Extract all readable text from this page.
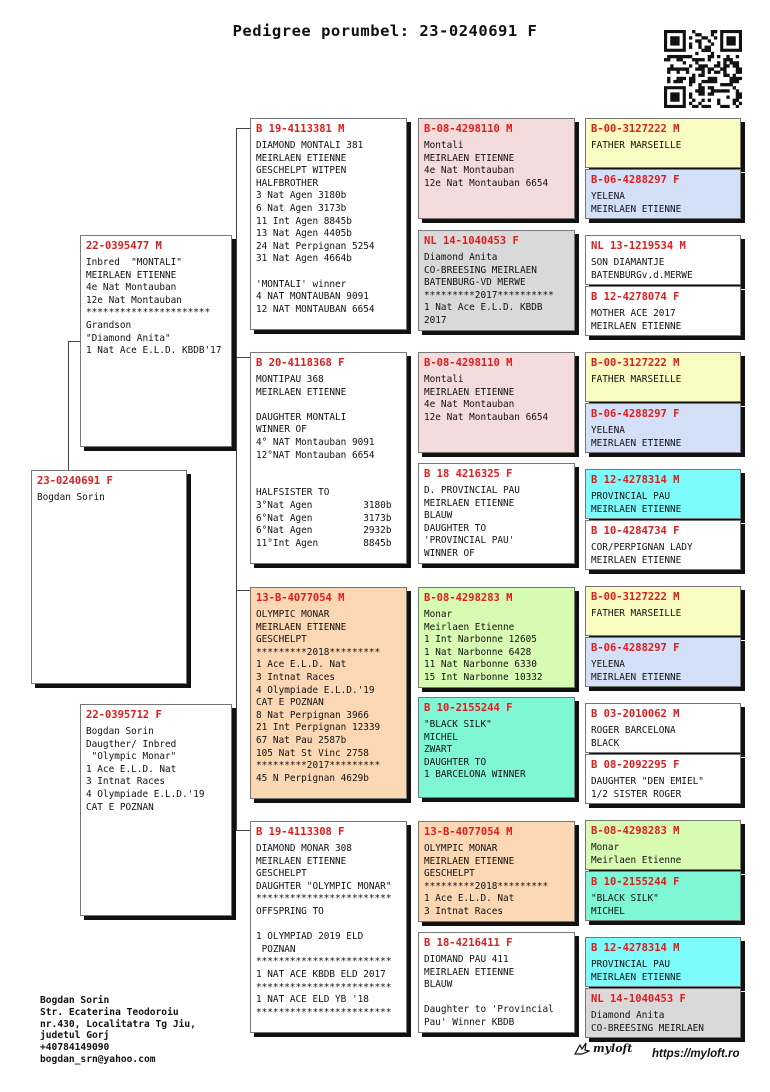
Pedigree porumbel: 23-0240691 F
23-0240691 F
Bogdan Sorin
22-0395477 M
Inbred  "MONTALI"
MEIRLAEN ETIENNE
4e Nat Montauban
12e Nat Montauban
**********************
Grandson
"Diamond Anita"
1 Nat Ace E.L.D. KBDB'17
22-0395712 F
Bogdan Sorin
Daugther/ Inbred
"Olympic Monar"
1 Ace E.L.D. Nat
3 Intnat Races
4 Olympiade E.L.D.'19
CAT E POZNAN
B 19-4113381 M
DIAMOND MONTALI 381
MEIRLAEN ETIENNE
GESCHELPT WITPEN
HALFBROTHER
3 Nat Agen 3180b
6 Nat Agen 3173b
11 Int Agen 8845b
13 Nat Agen 4405b
24 Nat Perpignan 5254
31 Nat Agen 4664b

'MONTALI' winner
4 NAT MONTAUBAN 9091
12 NAT MONTAUBAN 6654
B 20-4118368 F
MONTIPAU 368
MEIRLAEN ETIENNE

DAUGHTER MONTALI
WINNER OF
4° NAT Montauban 9091
12°NAT Montauban 6654

HALFSISTER TO
3°Nat Agen         3180b
6°Nat Agen         3173b
6°Nat Agen         2932b
11°Int Agen        8845b
13-B-4077054 M
OLYMPIC MONAR
MEIRLAEN ETIENNE
GESCHELPT
*********2018*********
1 Ace E.L.D. Nat
3 Intnat Races
4 Olympiade E.L.D.'19
CAT E POZNAN
8 Nat Perpignan 3966
21 Int Perpignan 12339
67 Nat Pau 2587b
105 Nat St Vinc 2758
*********2017*********
45 N Perpignan 4629b
B 19-4113308 F
DIAMOND MONAR 308
MEIRLAEN ETIENNE
GESCHELPT
DAUGHTER "OLYMPIC MONAR"
************************
OFFSPRING TO

1 OLYMPIAD 2019 ELD
POZNAN
************************
1 NAT ACE KBDB ELD 2017
************************
1 NAT ACE ELD YB '18
************************
B-08-4298110 M
Montali
MEIRLAEN ETIENNE
4e Nat Montauban
12e Nat Montauban 6654
NL 14-1040453 F
Diamond Anita
CO-BREESING MEIRLAEN
BATENBURG-VD MERWE
*********2017**********
1 Nat Ace E.L.D. KBDB
2017
B-08-4298110 M
Montali
MEIRLAEN ETIENNE
4e Nat Montauban
12e Nat Montauban 6654
B 18 4216325 F
D. PROVINCIAL PAU
MEIRLAEN ETIENNE
BLAUW
DAUGHTER TO
'PROVINCIAL PAU'
WINNER OF
B-08-4298283 M
Monar
Meirlaen Etienne
1 Int Narbonne 12605
1 Nat Narbonne 6428
11 Nat Narbonne 6330
15 Int Narbonne 10332
B 10-2155244 F
"BLACK SILK"
MICHEL
ZWART
DAUGHTER TO
1 BARCELONA WINNER
13-B-4077054 M
OLYMPIC MONAR
MEIRLAEN ETIENNE
GESCHELPT
*********2018*********
1 Ace E.L.D. Nat
3 Intnat Races
B 18-4216411 F
DIOMAND PAU 411
MEIRLAEN ETIENNE
BLAUW

Daughter to 'Provincial
Pau' Winner KBDB
B-00-3127222 M
FATHER MARSEILLE
B-06-4288297 F
YELENA
MEIRLAEN ETIENNE
NL 13-1219534 M
SON DIAMANTJE
BATENBURGv.d.MERWE
B 12-4278074 F
MOTHER ACE 2017
MEIRLAEN ETIENNE
B-00-3127222 M
FATHER MARSEILLE
B-06-4288297 F
YELENA
MEIRLAEN ETIENNE
B 12-4278314 M
PROVINCIAL PAU
MEIRLAEN ETIENNE
B 10-4284734 F
COR/PERPIGNAN LADY
MEIRLAEN ETIENNE
B-00-3127222 M
FATHER MARSEILLE
B-06-4288297 F
YELENA
MEIRLAEN ETIENNE
B 03-2010062 M
ROGER BARCELONA
BLACK
B 08-2092295 F
DAUGHTER "DEN EMIEL"
1/2 SISTER ROGER
B-08-4298283 M
Monar
Meirlaen Etienne
B 10-2155244 F
"BLACK SILK"
MICHEL
B 12-4278314 M
PROVINCIAL PAU
MEIRLAEN ETIENNE
NL 14-1040453 F
Diamond Anita
CO-BREESING MEIRLAEN
Bogdan Sorin
Str. Ecaterina Teodoroiu
nr.430, Localitatra Tg Jiu,
judetul Gorj
+40784149090
bogdan_srn@yahoo.com
myloft https://myloft.ro
